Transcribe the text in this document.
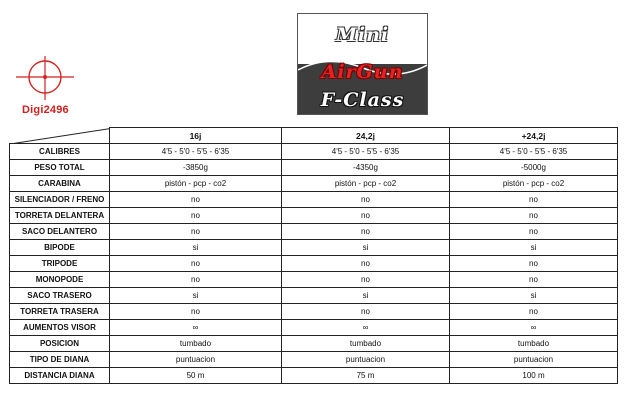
Digi2496
Mini
AirGun
F-Class
	16j	24,2j	+24,2j
CALIBRES	4'5 - 5'0 - 5'5 - 6'35	4'5 - 5'0 - 5'5 - 6'35	4'5 - 5'0 - 5'5 - 6'35
PESO TOTAL	-3850g	-4350g	-5000g
CARABINA	pistón - pcp - co2	pistón - pcp - co2	pistón - pcp - co2
SILENCIADOR / FRENO	no	no	no
TORRETA DELANTERA	no	no	no
SACO DELANTERO	no	no	no
BIPODE	si	si	si
TRIPODE	no	no	no
MONOPODE	no	no	no
SACO TRASERO	si	si	si
TORRETA TRASERA	no	no	no
AUMENTOS VISOR	∞	∞	∞
POSICION	tumbado	tumbado	tumbado
TIPO DE DIANA	puntuacion	puntuacion	puntuacion
DISTANCIA DIANA	50 m	75 m	100 m
